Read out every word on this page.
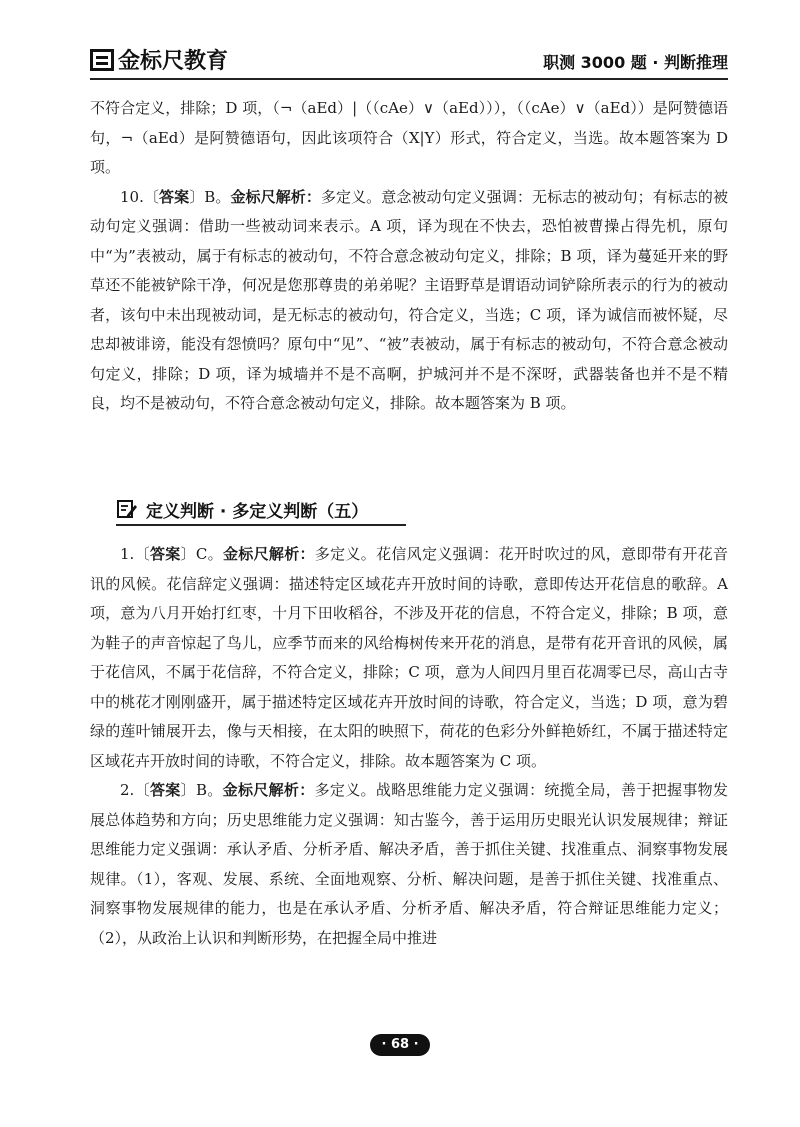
金标尺教育	职测 3000 题 · 判断推理

不符合定义，排除；D 项，（¬（aEd）|（（cAe）∨（aEd））），（（cAe）∨（aEd））是阿赞德语句，¬（aEd）是阿赞德语句，因此该项符合（X|Y）形式，符合定义，当选。故本题答案为 D 项。

10.〔答案〕B。金标尺解析：多定义。意念被动句定义强调：无标志的被动句；有标志的被动句定义强调：借助一些被动词来表示。A 项，译为现在不快去，恐怕被曹操占得先机，原句中“为”表被动，属于有标志的被动句，不符合意念被动句定义，排除；B 项，译为蔓延开来的野草还不能被铲除干净，何况是您那尊贵的弟弟呢？主语野草是谓语动词铲除所表示的行为的被动者，该句中未出现被动词，是无标志的被动句，符合定义，当选；C 项，译为诚信而被怀疑，尽忠却被诽谤，能没有怨愤吗？原句中“见”、“被”表被动，属于有标志的被动句，不符合意念被动句定义，排除；D 项，译为城墙并不是不高啊，护城河并不是不深呀，武器装备也并不是不精良，均不是被动句，不符合意念被动句定义，排除。故本题答案为 B 项。

定义判断 · 多定义判断（五）

1.〔答案〕C。金标尺解析：多定义。花信风定义强调：花开时吹过的风，意即带有开花音讯的风候。花信辞定义强调：描述特定区域花卉开放时间的诗歌，意即传达开花信息的歌辞。A 项，意为八月开始打红枣，十月下田收稻谷，不涉及开花的信息，不符合定义，排除；B 项，意为鞋子的声音惊起了鸟儿，应季节而来的风给梅树传来开花的消息，是带有花开音讯的风候，属于花信风，不属于花信辞，不符合定义，排除；C 项，意为人间四月里百花凋零已尽，高山古寺中的桃花才刚刚盛开，属于描述特定区域花卉开放时间的诗歌，符合定义，当选；D 项，意为碧绿的莲叶铺展开去，像与天相接，在太阳的映照下，荷花的色彩分外鲜艳娇红，不属于描述特定区域花卉开放时间的诗歌，不符合定义，排除。故本题答案为 C 项。

2.〔答案〕B。金标尺解析：多定义。战略思维能力定义强调：统揽全局，善于把握事物发展总体趋势和方向；历史思维能力定义强调：知古鉴今，善于运用历史眼光认识发展规律；辩证思维能力定义强调：承认矛盾、分析矛盾、解决矛盾，善于抓住关键、找准重点、洞察事物发展规律。（1），客观、发展、系统、全面地观察、分析、解决问题，是善于抓住关键、找准重点、洞察事物发展规律的能力，也是在承认矛盾、分析矛盾、解决矛盾，符合辩证思维能力定义；（2），从政治上认识和判断形势，在把握全局中推进

· 68 ·
